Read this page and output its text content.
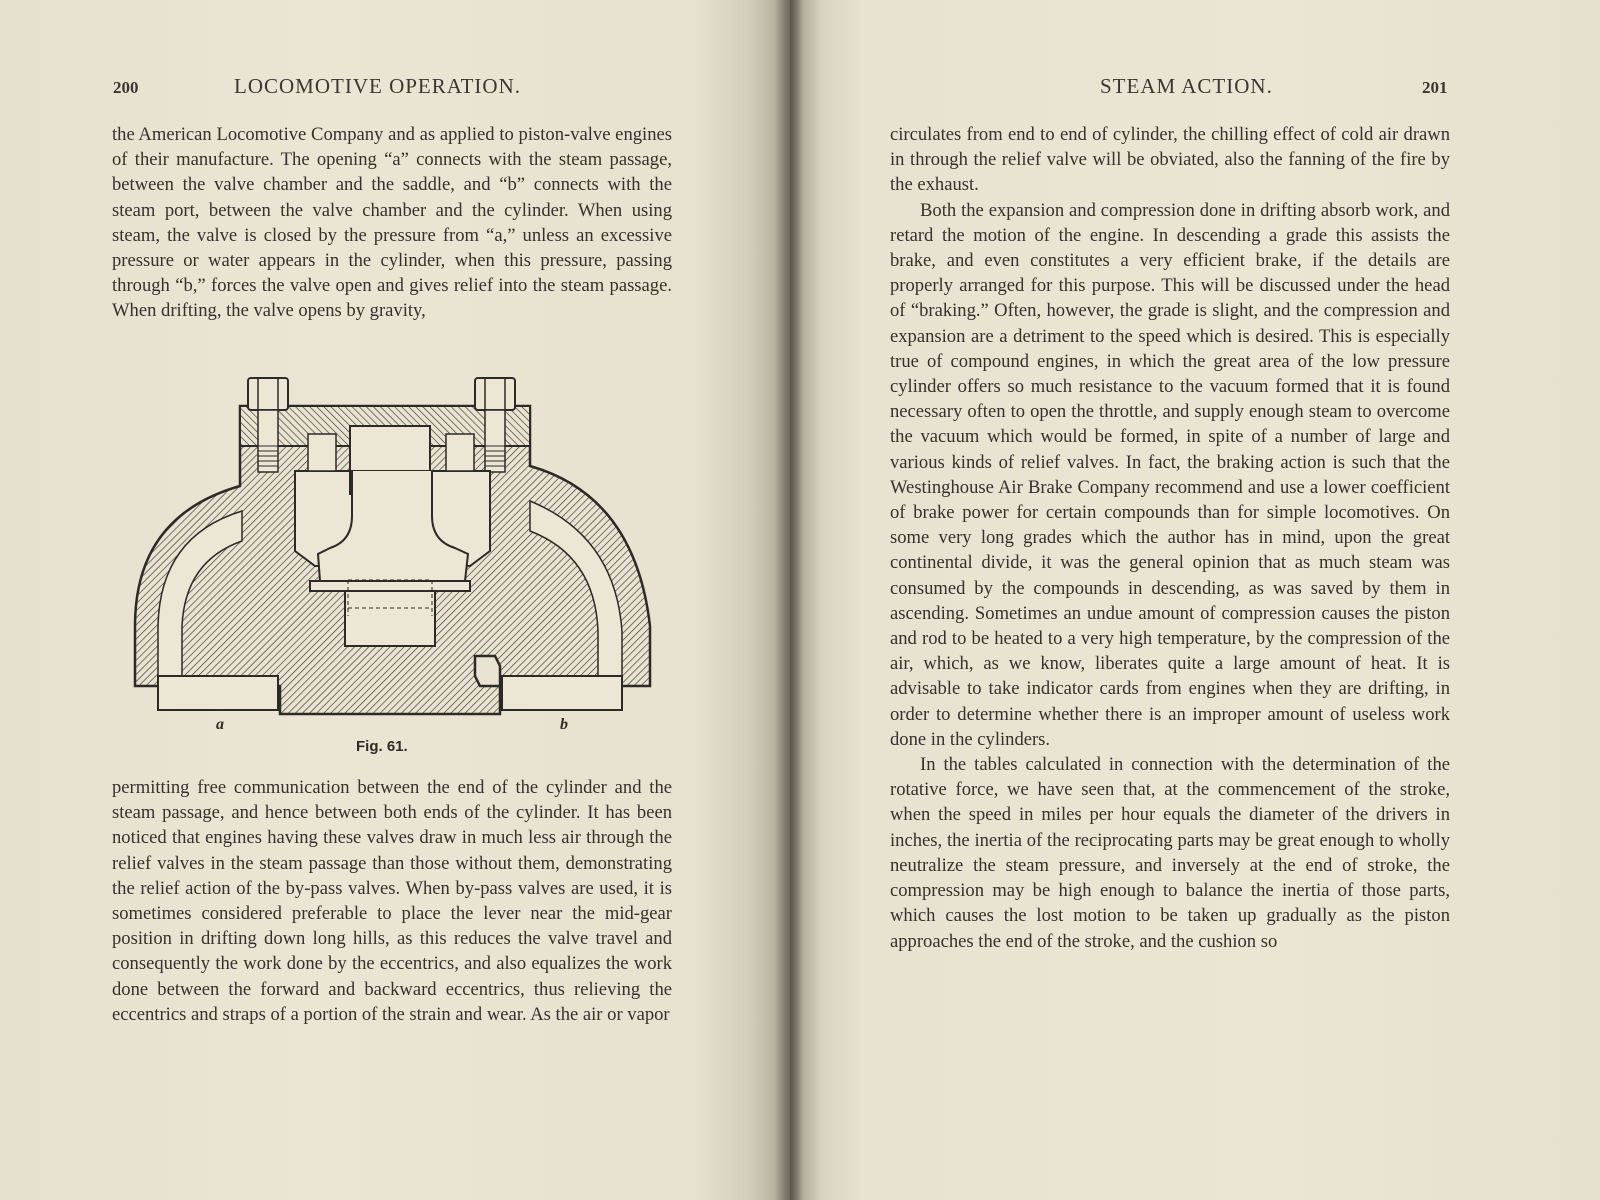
200	LOCOMOTIVE OPERATION.

the American Locomotive Company and as applied to piston-valve engines of their manufacture. The opening “a” connects with the steam passage, between the valve chamber and the saddle, and “b” connects with the steam port, between the valve chamber and the cylinder. When using steam, the valve is closed by the pressure from “a,” unless an excessive pressure or water appears in the cylinder, when this pressure, passing through “b,” forces the valve open and gives relief into the steam passage. When drifting, the valve opens by gravity,

a	b
Fig. 61.

permitting free communication between the end of the cylinder and the steam passage, and hence between both ends of the cylinder. It has been noticed that engines having these valves draw in much less air through the relief valves in the steam passage than those without them, demonstrating the relief action of the by-pass valves. When by-pass valves are used, it is sometimes considered preferable to place the lever near the mid-gear position in drifting down long hills, as this reduces the valve travel and consequently the work done by the eccentrics, and also equalizes the work done between the forward and backward eccentrics, thus relieving the eccentrics and straps of a portion of the strain and wear. As the air or vapor

STEAM ACTION.	201

circulates from end to end of cylinder, the chilling effect of cold air drawn in through the relief valve will be obviated, also the fanning of the fire by the exhaust.

Both the expansion and compression done in drifting absorb work, and retard the motion of the engine. In descending a grade this assists the brake, and even constitutes a very efficient brake, if the details are properly arranged for this purpose. This will be discussed under the head of “braking.” Often, however, the grade is slight, and the compression and expansion are a detriment to the speed which is desired. This is especially true of compound engines, in which the great area of the low pressure cylinder offers so much resistance to the vacuum formed that it is found necessary often to open the throttle, and supply enough steam to overcome the vacuum which would be formed, in spite of a number of large and various kinds of relief valves. In fact, the braking action is such that the Westinghouse Air Brake Company recommend and use a lower coefficient of brake power for certain compounds than for simple locomotives. On some very long grades which the author has in mind, upon the great continental divide, it was the general opinion that as much steam was consumed by the compounds in descending, as was saved by them in ascending. Sometimes an undue amount of compression causes the piston and rod to be heated to a very high temperature, by the compression of the air, which, as we know, liberates quite a large amount of heat. It is advisable to take indicator cards from engines when they are drifting, in order to determine whether there is an improper amount of useless work done in the cylinders.

In the tables calculated in connection with the determination of the rotative force, we have seen that, at the commencement of the stroke, when the speed in miles per hour equals the diameter of the drivers in inches, the inertia of the reciprocating parts may be great enough to wholly neutralize the steam pressure, and inversely at the end of stroke, the compression may be high enough to balance the inertia of those parts, which causes the lost motion to be taken up gradually as the piston approaches the end of the stroke, and the cushion so
